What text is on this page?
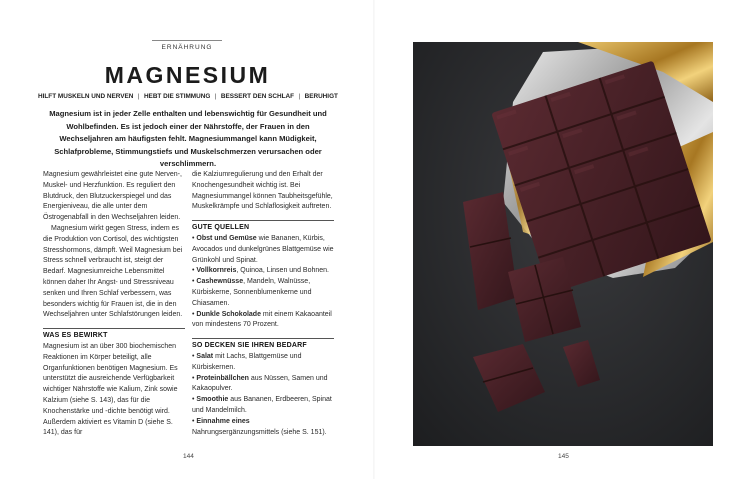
ERNÄHRUNG
MAGNESIUM
HILFT MUSKELN UND NERVEN | HEBT DIE STIMMUNG | BESSERT DEN SCHLAF | BERUHIGT
Magnesium ist in jeder Zelle enthalten und lebenswichtig für Gesundheit und Wohlbefinden. Es ist jedoch einer der Nährstoffe, der Frauen in den Wechseljahren am häufigsten fehlt. Magnesiummangel kann Müdigkeit, Schlafprobleme, Stimmungstiefs und Muskelschmerzen verursachen oder verschlimmern.

Magnesium gewährleistet eine gute Nerven-, Muskel- und Herzfunktion. Es reguliert den Blutdruck, den Blutzuckerspiegel und das Energieniveau, die alle unter dem Östrogenabfall in den Wechseljahren leiden.

Magnesium wirkt gegen Stress, indem es die Produktion von Cortisol, des wichtigsten Stresshormons, dämpft. Weil Magnesium bei Stress schnell verbraucht ist, steigt der Bedarf. Magnesiumreiche Lebensmittel können daher Ihr Angst- und Stressniveau senken und Ihren Schlaf verbessern, was besonders wichtig für Frauen ist, die in den Wechseljahren unter Schlafstörungen leiden.

WAS ES BEWIRKT

Magnesium ist an über 300 biochemischen Reaktionen im Körper beteiligt, alle Organfunktionen benötigen Magnesium. Es unterstützt die ausreichende Verfügbarkeit wichtiger Nährstoffe wie Kalium, Zink sowie Kalzium (siehe S. 143), das für die Knochenstärke und -dichte benötigt wird. Außerdem aktiviert es Vitamin D (siehe S. 141), das für

die Kalziumregulierung und den Erhalt der Knochengesundheit wichtig ist. Bei Magnesiummangel können Taubheitsgefühle, Muskelkrämpfe und Schlaflosigkeit auftreten.

GUTE QUELLEN

• Obst und Gemüse wie Bananen, Kürbis, Avocados und dunkelgrünes Blattgemüse wie Grünkohl und Spinat.

• Vollkornreis, Quinoa, Linsen und Bohnen.

• Cashewnüsse, Mandeln, Walnüsse, Kürbiskerne, Sonnenblumenkerne und Chiasamen.

• Dunkle Schokolade mit einem Kakaoanteil von mindestens 70 Prozent.

SO DECKEN SIE IHREN BEDARF

• Salat mit Lachs, Blattgemüse und Kürbiskernen.

• Proteinbällchen aus Nüssen, Samen und Kakaopulver.

• Smoothie aus Bananen, Erdbeeren, Spinat und Mandelmilch.

• Einnahme eines Nahrungsergänzungsmittels (siehe S. 151).

144	145
